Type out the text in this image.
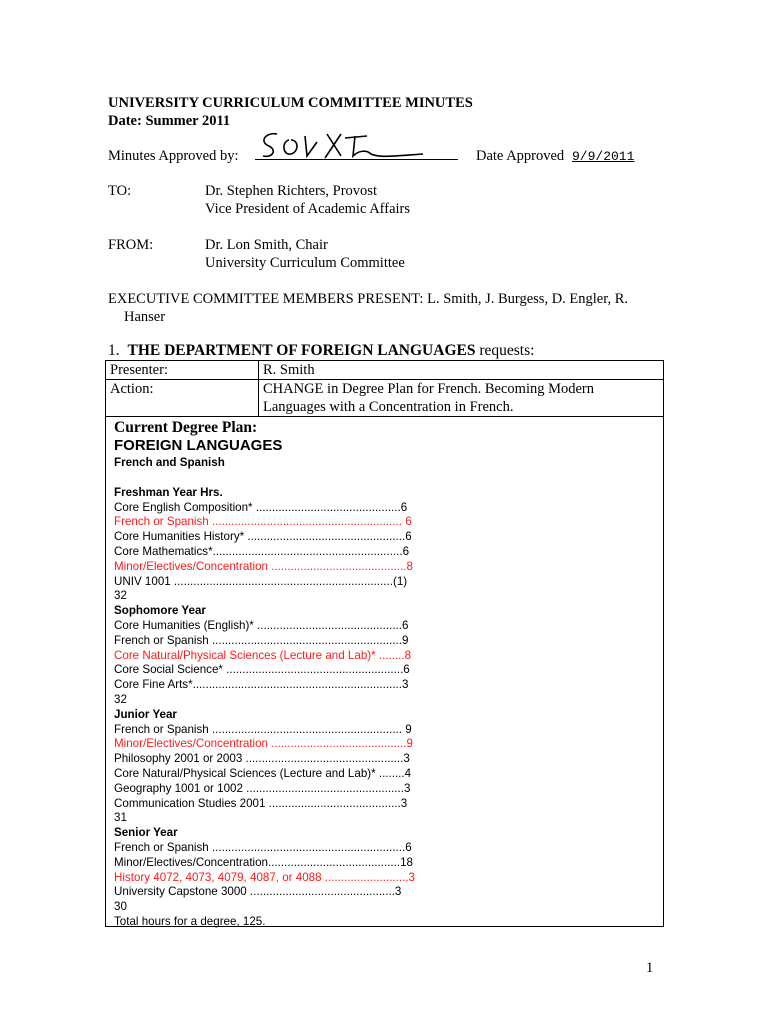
UNIVERSITY CURRICULUM COMMITTEE MINUTES
Date: Summer 2011
Minutes Approved by:	Date Approved 9/9/2011
TO:	Dr. Stephen Richters, Provost
Vice President of Academic Affairs
FROM:	Dr. Lon Smith, Chair
University Curriculum Committee
EXECUTIVE COMMITTEE MEMBERS PRESENT: L. Smith, J. Burgess, D. Engler, R.
Hanser
1. THE DEPARTMENT OF FOREIGN LANGUAGES requests:
Presenter:	R. Smith
Action:	CHANGE in Degree Plan for French. Becoming Modern
Languages with a Concentration in French.
Current Degree Plan:
FOREIGN LANGUAGES
French and Spanish
Freshman Year Hrs.
Core English Composition* .............................................6
French or Spanish ........................................................... 6
Core Humanities History* .................................................6
Core Mathematics*...........................................................6
Minor/Electives/Concentration ..........................................8
UNIV 1001 ....................................................................(1)
32
Sophomore Year
Core Humanities (English)* .............................................6
French or Spanish ...........................................................9
Core Natural/Physical Sciences (Lecture and Lab)* ........8
Core Social Science* .......................................................6
Core Fine Arts*.................................................................3
32
Junior Year
French or Spanish ........................................................... 9
Minor/Electives/Concentration ..........................................9
Philosophy 2001 or 2003 .................................................3
Core Natural/Physical Sciences (Lecture and Lab)* ........4
Geography 1001 or 1002 .................................................3
Communication Studies 2001 .........................................3
31
Senior Year
French or Spanish ............................................................6
Minor/Electives/Concentration.........................................18
History 4072, 4073, 4079, 4087, or 4088 ..........................3
University Capstone 3000 .............................................3
30
Total hours for a degree, 125.
1
